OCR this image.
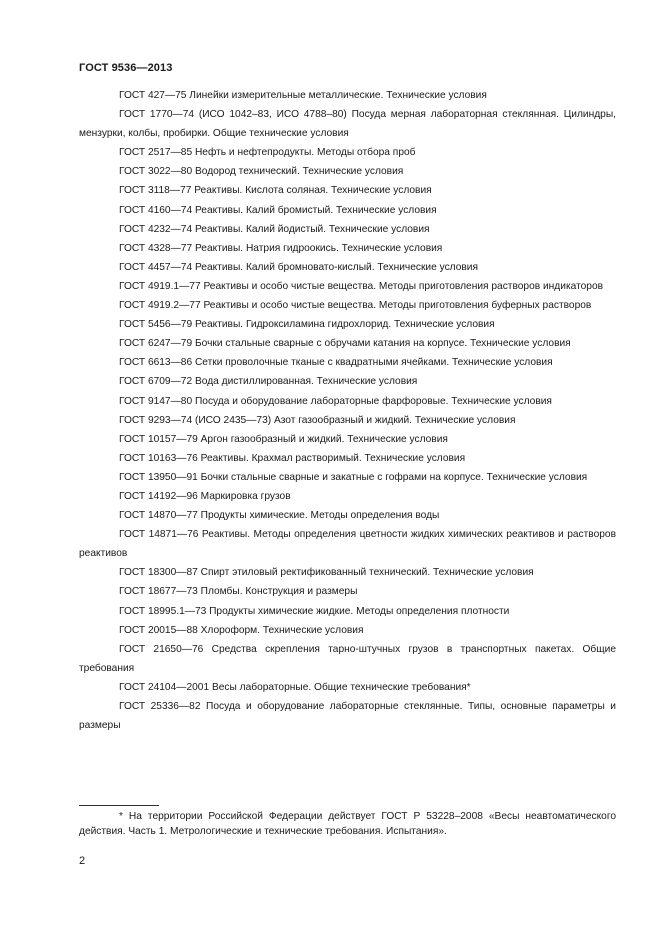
ГОСТ 9536—2013

ГОСТ 427—75 Линейки измерительные металлические. Технические условия

ГОСТ 1770—74 (ИСО 1042–83, ИСО 4788–80) Посуда мерная лабораторная стеклянная. Цилиндры, мензурки, колбы, пробирки. Общие технические условия

ГОСТ 2517—85 Нефть и нефтепродукты. Методы отбора проб

ГОСТ 3022—80 Водород технический. Технические условия

ГОСТ 3118—77 Реактивы. Кислота соляная. Технические условия

ГОСТ 4160—74 Реактивы. Калий бромистый. Технические условия

ГОСТ 4232—74 Реактивы. Калий йодистый. Технические условия

ГОСТ 4328—77 Реактивы. Натрия гидроокись. Технические условия

ГОСТ 4457—74 Реактивы. Калий бромновато-кислый. Технические условия

ГОСТ 4919.1—77 Реактивы и особо чистые вещества. Методы приготовления растворов индикаторов

ГОСТ 4919.2—77 Реактивы и особо чистые вещества. Методы приготовления буферных растворов

ГОСТ 5456—79 Реактивы. Гидроксиламина гидрохлорид. Технические условия

ГОСТ 6247—79 Бочки стальные сварные с обручами катания на корпусе. Технические условия

ГОСТ 6613—86 Сетки проволочные тканые с квадратными ячейками. Технические условия

ГОСТ 6709—72 Вода дистиллированная. Технические условия

ГОСТ 9147—80 Посуда и оборудование лабораторные фарфоровые. Технические условия

ГОСТ 9293—74 (ИСО 2435—73) Азот газообразный и жидкий. Технические условия

ГОСТ 10157—79 Аргон газообразный и жидкий. Технические условия

ГОСТ 10163—76 Реактивы. Крахмал растворимый. Технические условия

ГОСТ 13950—91 Бочки стальные сварные и закатные с гофрами на корпусе. Технические условия

ГОСТ 14192—96 Маркировка грузов

ГОСТ 14870—77 Продукты химические. Методы определения воды

ГОСТ 14871—76 Реактивы. Методы определения цветности жидких химических реактивов и растворов реактивов

ГОСТ 18300—87 Спирт этиловый ректификованный технический. Технические условия

ГОСТ 18677—73 Пломбы. Конструкция и размеры

ГОСТ 18995.1—73 Продукты химические жидкие. Методы определения плотности

ГОСТ 20015—88 Хлороформ. Технические условия

ГОСТ 21650—76 Средства скрепления тарно-штучных грузов в транспортных пакетах. Общие требования

ГОСТ 24104—2001 Весы лабораторные. Общие технические требования*

ГОСТ 25336—82 Посуда и оборудование лабораторные стеклянные. Типы, основные параметры и размеры

* На территории Российской Федерации действует ГОСТ Р 53228–2008 «Весы неавтоматического действия. Часть 1. Метрологические и технические требования. Испытания».

2
